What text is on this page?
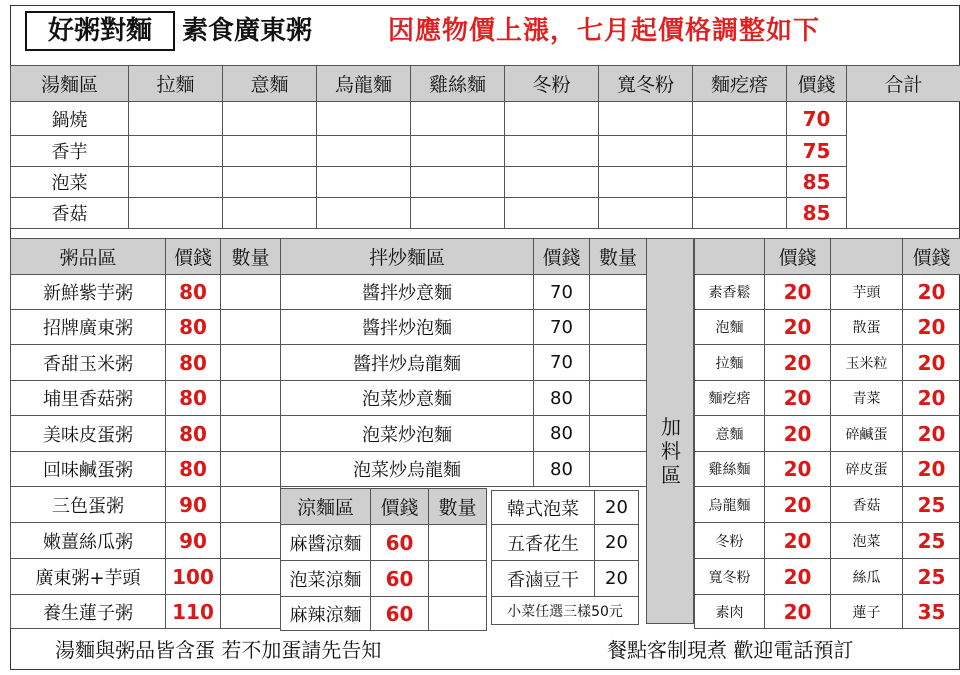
好粥對麵	素食廣東粥	因應物價上漲，七月起價格調整如下
湯麵區	拉麵	意麵	烏龍麵	雞絲麵	冬粉	寬冬粉	麵疙瘩	價錢	合計
鍋燒								70	
香芋								75	
泡菜								85	
香菇								85	
粥品區	價錢	數量
新鮮紫芋粥	80	
招牌廣東粥	80	
香甜玉米粥	80	
埔里香菇粥	80	
美味皮蛋粥	80	
回味鹹蛋粥	80	
三色蛋粥	90	
嫩薑絲瓜粥	90	
廣東粥+芋頭	100	
養生蓮子粥	110	
拌炒麵區	價錢	數量
醬拌炒意麵	70	
醬拌炒泡麵	70	
醬拌炒烏龍麵	70	
泡菜炒意麵	80	
泡菜炒泡麵	80	
泡菜炒烏龍麵	80	
涼麵區	價錢	數量
麻醬涼麵	60	
泡菜涼麵	60	
麻辣涼麵	60	
韓式泡菜	20
五香花生	20
香滷豆干	20
小菜任選三樣50元	
加
料
區
	價錢
素香鬆	20
泡麵	20
拉麵	20
麵疙瘩	20
意麵	20
雞絲麵	20
烏龍麵	20
冬粉	20
寬冬粉	20
素肉	20
	價錢
芋頭	20
散蛋	20
玉米粒	20
青菜	20
碎鹹蛋	20
碎皮蛋	20
香菇	25
泡菜	25
絲瓜	25
蓮子	35
湯麵與粥品皆含蛋 若不加蛋請先告知	餐點客制現煮 歡迎電話預訂
